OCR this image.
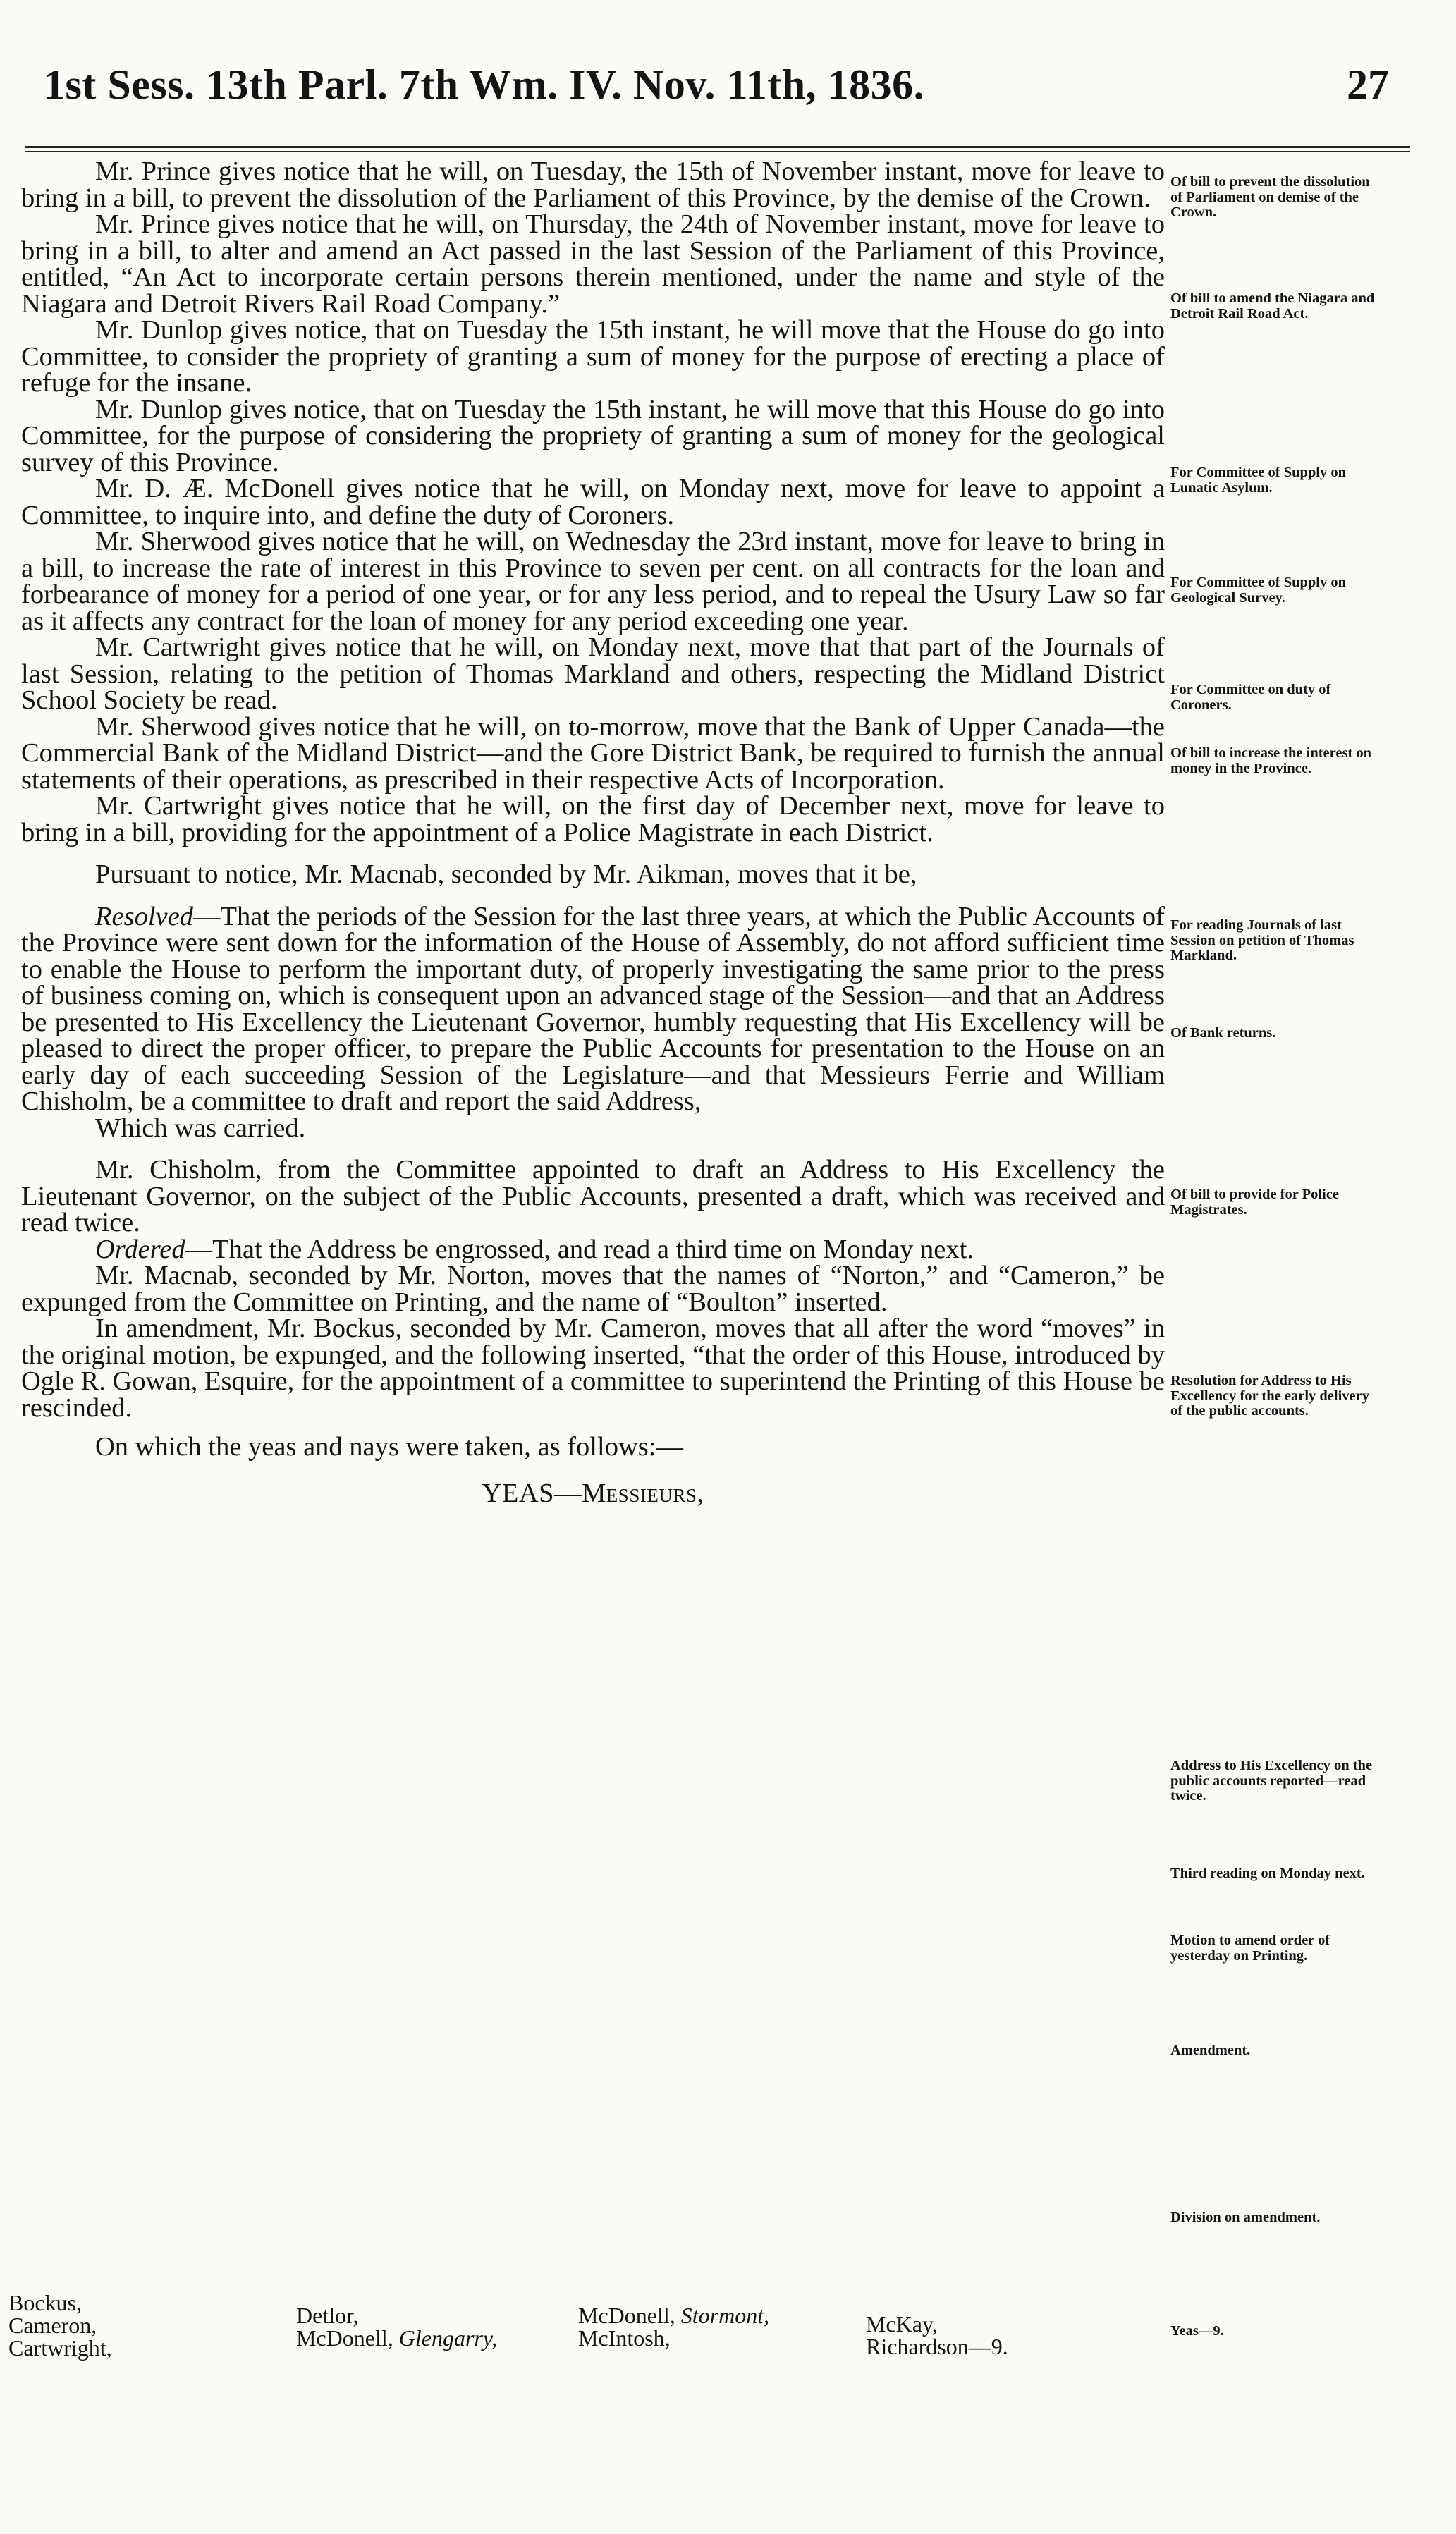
1st Sess. 13th Parl. 7th Wm. IV. Nov. 11th, 1836.	27

Mr. Prince gives notice that he will, on Tuesday, the 15th of November instant, move for leave to bring in a bill, to prevent the dissolution of the Parliament of this Province, by the demise of the Crown.

Mr. Prince gives notice that he will, on Thursday, the 24th of November instant, move for leave to bring in a bill, to alter and amend an Act passed in the last Session of the Parliament of this Province, entitled, “An Act to incorporate certain persons therein mentioned, under the name and style of the Niagara and Detroit Rivers Rail Road Company.”

Mr. Dunlop gives notice, that on Tuesday the 15th instant, he will move that the House do go into Committee, to consider the propriety of granting a sum of money for the purpose of erecting a place of refuge for the insane.

Mr. Dunlop gives notice, that on Tuesday the 15th instant, he will move that this House do go into Committee, for the purpose of considering the propriety of granting a sum of money for the geological survey of this Province.

Mr. D. Æ. McDonell gives notice that he will, on Monday next, move for leave to appoint a Committee, to inquire into, and define the duty of Coroners.

Mr. Sherwood gives notice that he will, on Wednesday the 23rd instant, move for leave to bring in a bill, to increase the rate of interest in this Province to seven per cent. on all contracts for the loan and forbearance of money for a period of one year, or for any less period, and to repeal the Usury Law so far as it affects any contract for the loan of money for any period exceeding one year.

Mr. Cartwright gives notice that he will, on Monday next, move that that part of the Journals of last Session, relating to the petition of Thomas Markland and others, respecting the Midland District School Society be read.

Mr. Sherwood gives notice that he will, on to-morrow, move that the Bank of Upper Canada—the Commercial Bank of the Midland District—and the Gore District Bank, be required to furnish the annual statements of their operations, as prescribed in their respective Acts of Incorporation.

Mr. Cartwright gives notice that he will, on the first day of December next, move for leave to bring in a bill, providing for the appointment of a Police Magistrate in each District.

Pursuant to notice, Mr. Macnab, seconded by Mr. Aikman, moves that it be,

Resolved—That the periods of the Session for the last three years, at which the Public Accounts of the Province were sent down for the information of the House of Assembly, do not afford sufficient time to enable the House to perform the important duty, of properly investigating the same prior to the press of business coming on, which is consequent upon an advanced stage of the Session—and that an Address be presented to His Excellency the Lieutenant Governor, humbly requesting that His Excellency will be pleased to direct the proper officer, to prepare the Public Accounts for presentation to the House on an early day of each succeeding Session of the Legislature—and that Messieurs Ferrie and William Chisholm, be a committee to draft and report the said Address,

Which was carried.

Mr. Chisholm, from the Committee appointed to draft an Address to His Excellency the Lieutenant Governor, on the subject of the Public Accounts, presented a draft, which was received and read twice.

Ordered—That the Address be engrossed, and read a third time on Monday next.

Mr. Macnab, seconded by Mr. Norton, moves that the names of “Norton,” and “Cameron,” be expunged from the Committee on Printing, and the name of “Boulton” inserted.

In amendment, Mr. Bockus, seconded by Mr. Cameron, moves that all after the word “moves” in the original motion, be expunged, and the following inserted, “that the order of this House, introduced by Ogle R. Gowan, Esquire, for the appointment of a committee to superintend the Printing of this House be rescinded.

On which the yeas and nays were taken, as follows:—

YEAS—Messieurs,
Bockus,
Cameron,
Cartwright,
Detlor,
McDonell, Glengarry,
McDonell, Stormont,
McIntosh,
McKay,
Richardson—9.
Of bill to prevent the dissolution of Parliament on demise of the Crown.
Of bill to amend the Niagara and Detroit Rail Road Act.
For Committee of Supply on Lunatic Asylum.
For Committee of Supply on Geological Survey.
For Committee on duty of Coroners.
Of bill to increase the interest on money in the Province.
For reading Journals of last Session on petition of Thomas Markland.
Of Bank returns.
Of bill to provide for Police Magistrates.
Resolution for Address to His Excellency for the early delivery of the public accounts.
Address to His Excellency on the public accounts reported—read twice.
Third reading on Monday next.
Motion to amend order of yesterday on Printing.
Amendment.
Division on amendment.
Yeas—9.
